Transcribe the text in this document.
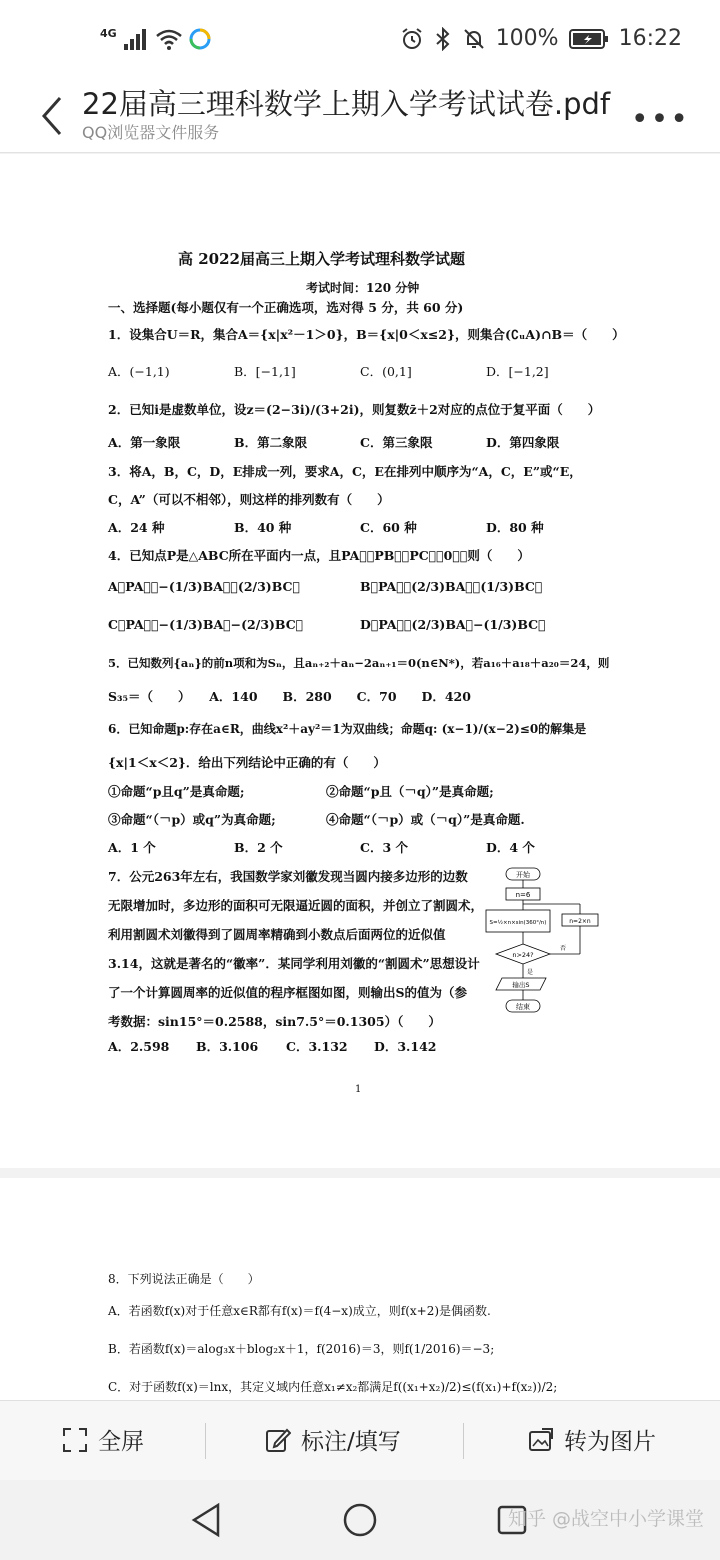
4G	100%	16:22
22届高三理科数学上期入学考试试卷.pdf
QQ浏览器文件服务	•••
高 2022届高三上期入学考试理科数学试题
考试时间：120 分钟
一、选择题(每小题仅有一个正确选项，选对得 5 分，共 60 分)
1．设集合U＝R，集合A＝{x|x²－1＞0}，B＝{x|0＜x≤2}，则集合(∁ᵤA)∩B＝（　　）
A．(−1,1)	B．[−1,1]	C．(0,1]	D．[−1,2]
2．已知i是虚数单位，设z＝(2−3i)/(3+2i)，则复数z̄＋2对应的点位于复平面（　　）
A．第一象限	B．第二象限	C．第三象限	D．第四象限
3．将A，B，C，D，E排成一列，要求A，C，E在排列中顺序为“A，C，E”或“E，
C，A”（可以不相邻），则这样的排列数有（　　）
A．24 种	B．40 种	C．60 种	D．80 种
4．已知点P是△ABC所在平面内一点，且PA⃗＋PB⃗＋PC⃗＝0⃗，则（　　）
A．PA⃗＝−(1/3)BA⃗＋(2/3)BC⃗	B．PA⃗＝(2/3)BA⃗＋(1/3)BC⃗
C．PA⃗＝−(1/3)BA⃗−(2/3)BC⃗	D．PA⃗＝(2/3)BA⃗−(1/3)BC⃗
5．已知数列{aₙ}的前n项和为Sₙ，且aₙ₊₂＋aₙ−2aₙ₊₁＝0(n∈N*)，若a₁₆＋a₁₈＋a₂₀＝24，则
S₃₅＝（　　）　　A．140　　B．280　　C．70　　D．420
6．已知命题p:存在a∈R，曲线x²＋ay²＝1为双曲线；命题q: (x−1)/(x−2)≤0的解集是
{x|1＜x＜2}．给出下列结论中正确的有（　　）
①命题“p且q”是真命题;	②命题“p且（￢q）”是真命题;
③命题“（￢p）或q”为真命题;	④命题“（￢p）或（￢q）”是真命题.
A．1 个	B．2 个	C．3 个	D．4 个
7．公元263年左右，我国数学家刘徽发现当圆内接多边形的边数
无限增加时，多边形的面积可无限逼近圆的面积，并创立了割圆术，
利用割圆术刘徽得到了圆周率精确到小数点后面两位的近似值
3.14，这就是著名的“徽率”．某同学利用刘徽的“割圆术”思想设计
了一个计算圆周率的近似值的程序框图如图，则输出S的值为（参
考数据：sin15°＝0.2588，sin7.5°＝0.1305）（　　）
A．2.598 B．3.106 C．3.132 D．3.142
开始
n=6
S=½×n×sin(360°/n)
n>24?
否
n=2×n
是
输出S
结束
1
8．下列说法正确是（　　）
A．若函数f(x)对于任意x∈R都有f(x)＝f(4−x)成立，则f(x+2)是偶函数.
B．若函数f(x)＝alog₃x＋blog₂x＋1，f(2016)＝3，则f(1/2016)＝−3;
C．对于函数f(x)＝lnx，其定义域内任意x₁≠x₂都满足f((x₁+x₂)/2)≤(f(x₁)+f(x₂))/2;
全屏	标注/填写	转为图片
知乎 @战空中小学课堂
